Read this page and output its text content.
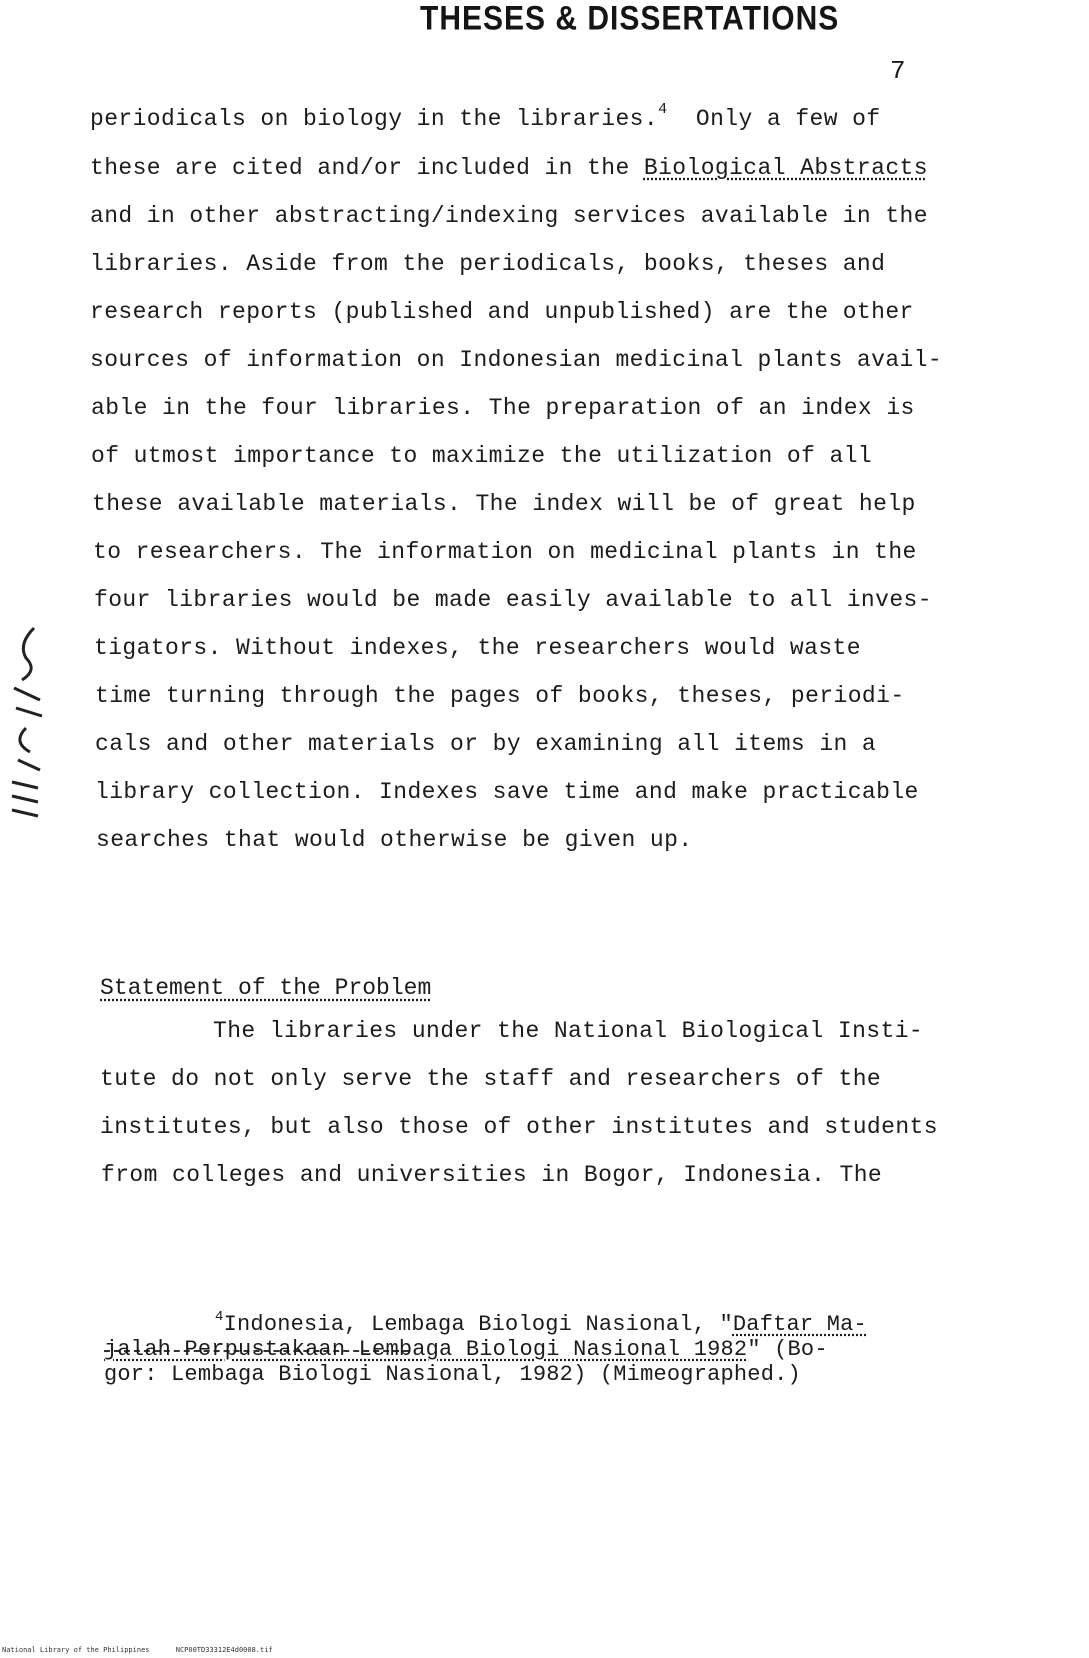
THESES & DISSERTATIONS
7
periodicals on biology in the libraries.$^4$ Only a few of
these are cited and/or included in the Biological Abstracts
and in other abstracting/indexing services available in the
libraries. Aside from the periodicals, books, theses and
research reports (published and unpublished) are the other
sources of information on Indonesian medicinal plants avail-
able in the four libraries. The preparation of an index is
of utmost importance to maximize the utilization of all
these available materials. The index will be of great help
to researchers. The information on medicinal plants in the
four libraries would be made easily available to all inves-
tigators. Without indexes, the researchers would waste
time turning through the pages of books, theses, periodi-
cals and other materials or by examining all items in a
library collection. Indexes save time and make practicable
searches that would otherwise be given up.
Statement of the Problem
The libraries under the National Biological Insti-
tute do not only serve the staff and researchers of the
institutes, but also those of other institutes and students
from colleges and universities in Bogor, Indonesia. The
$^4$Indonesia, Lembaga Biologi Nasional, "Daftar Ma-
jalah Perpustakaan Lembaga Biologi Nasional 1982" (Bo-
gor: Lembaga Biologi Nasional, 1982) (Mimeographed.)
National Library of the Philippines	NCP00TD33312E4d0008.tif
